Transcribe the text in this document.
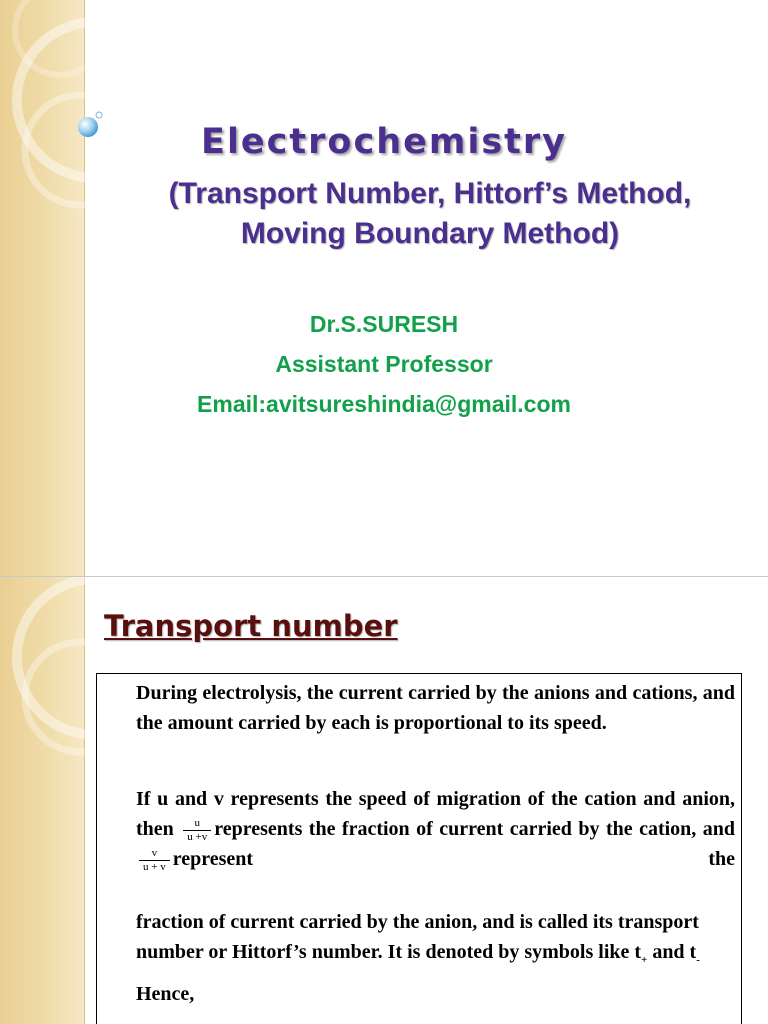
Electrochemistry
(Transport Number, Hittorf’s Method,
Moving Boundary Method)
Dr.S.SURESH
Assistant Professor
Email:avitsureshindia@gmail.com
Transport number

During electrolysis, the current carried by the anions and cations, and the amount carried by each is proportional to its speed.

If u and v represents the speed of migration of the cation and anion, then $\frac{u}{u +v}$ represents the fraction of current carried by the cation, and
$\frac{v}{u + v}$ represent the

fraction of current carried by the anion, and is called its transport number or Hittorf’s number. It is denoted by symbols like $t_+$ and $t_-$

Hence,
